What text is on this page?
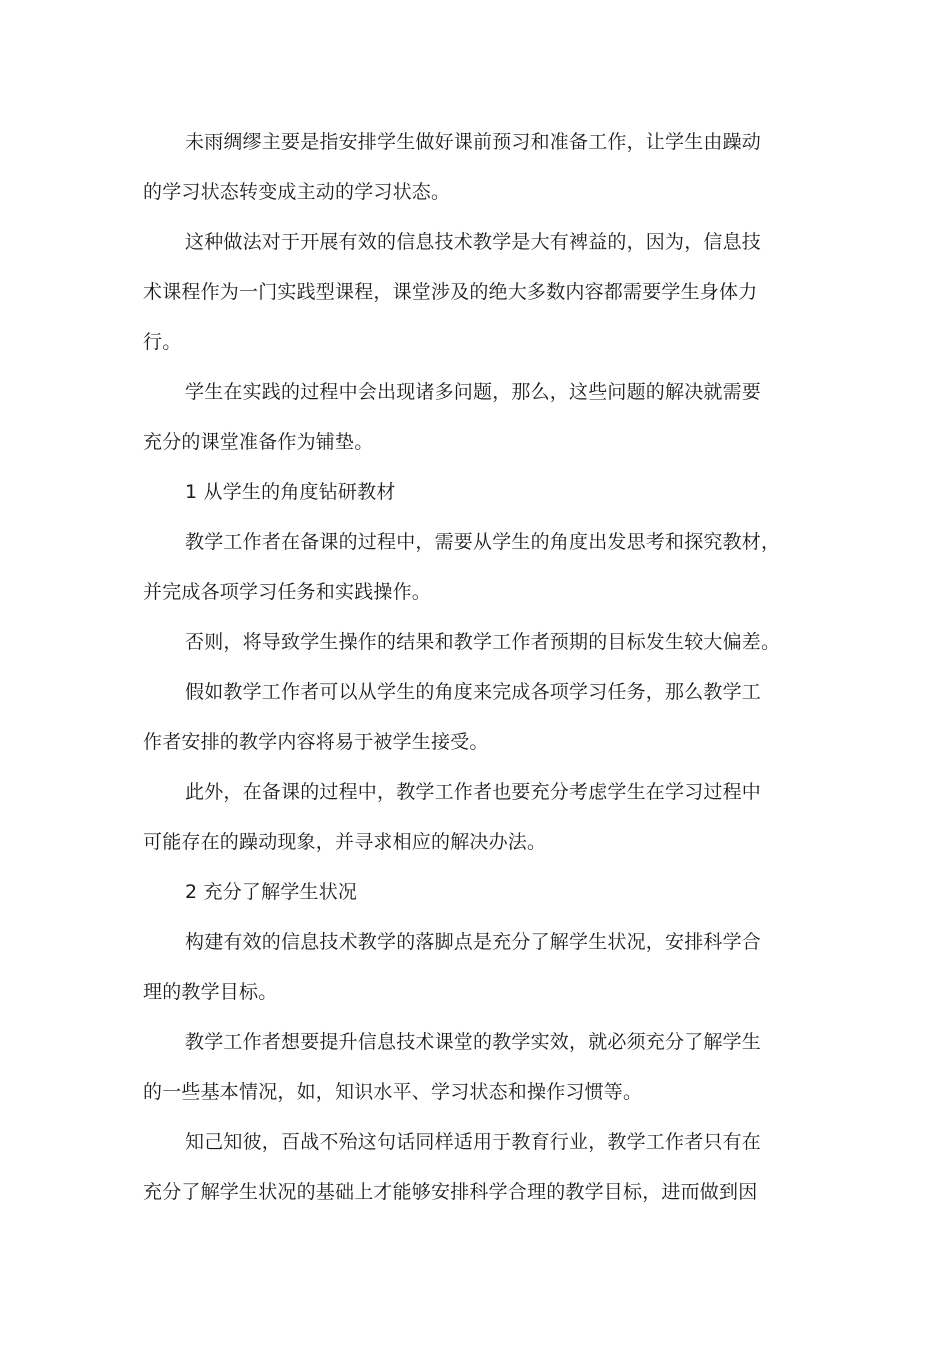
未雨绸缪主要是指安排学生做好课前预习和准备工作，让学生由躁动
的学习状态转变成主动的学习状态。
这种做法对于开展有效的信息技术教学是大有裨益的，因为，信息技
术课程作为一门实践型课程，课堂涉及的绝大多数内容都需要学生身体力
行。
学生在实践的过程中会出现诸多问题，那么，这些问题的解决就需要
充分的课堂准备作为铺垫。
1 从学生的角度钻研教材
教学工作者在备课的过程中，需要从学生的角度出发思考和探究教材，
并完成各项学习任务和实践操作。
否则，将导致学生操作的结果和教学工作者预期的目标发生较大偏差。
假如教学工作者可以从学生的角度来完成各项学习任务，那么教学工
作者安排的教学内容将易于被学生接受。
此外，在备课的过程中，教学工作者也要充分考虑学生在学习过程中
可能存在的躁动现象，并寻求相应的解决办法。
2 充分了解学生状况
构建有效的信息技术教学的落脚点是充分了解学生状况，安排科学合
理的教学目标。
教学工作者想要提升信息技术课堂的教学实效，就必须充分了解学生
的一些基本情况，如，知识水平、学习状态和操作习惯等。
知己知彼，百战不殆这句话同样适用于教育行业，教学工作者只有在
充分了解学生状况的基础上才能够安排科学合理的教学目标，进而做到因
